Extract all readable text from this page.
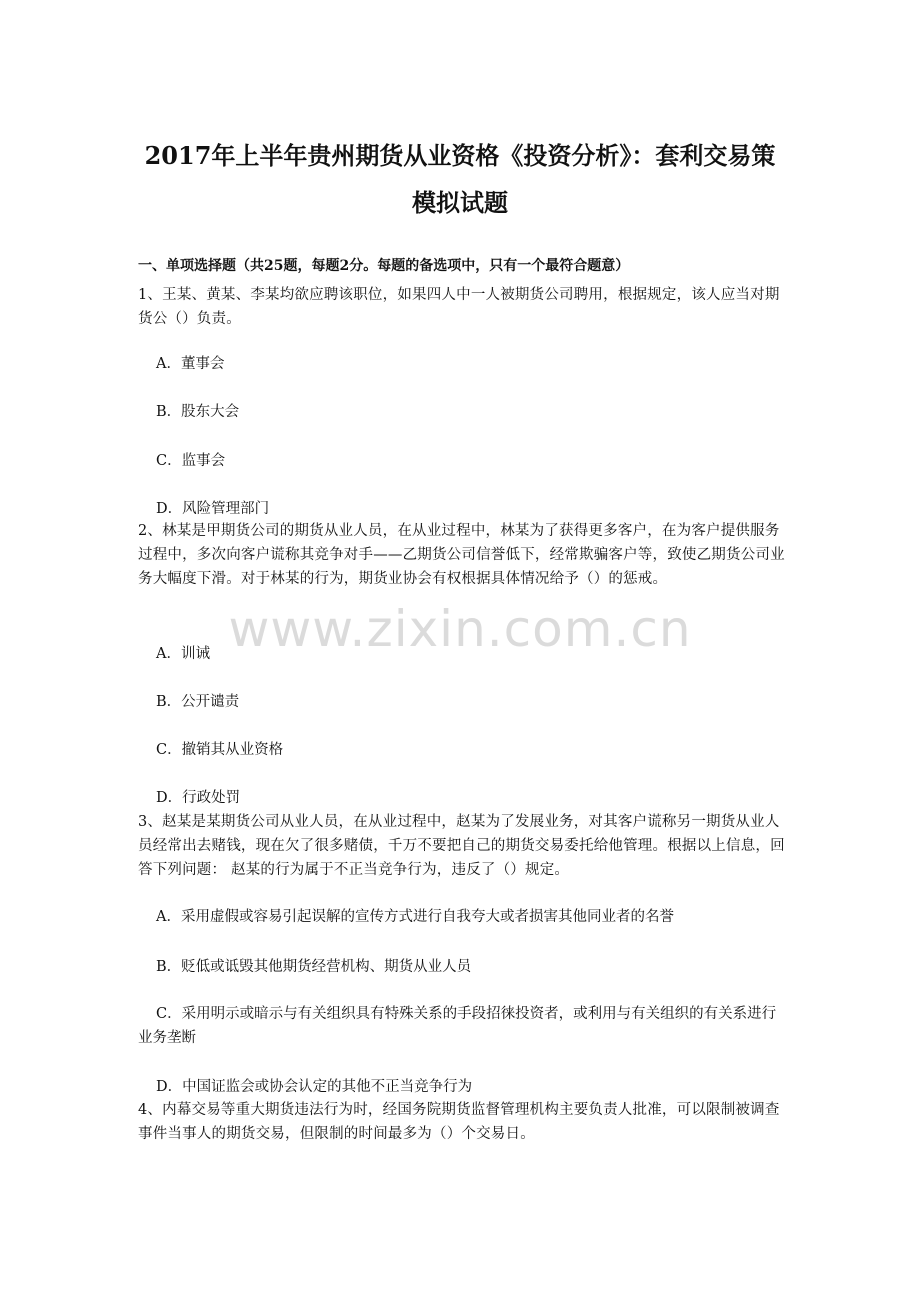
www.zixin.com.cn
2017年上半年贵州期货从业资格《投资分析》：套利交易策
模拟试题

一、单项选择题（共25题，每题2分。每题的备选项中，只有一个最符合题意）

1、王某、黄某、李某均欲应聘该职位，如果四人中一人被期货公司聘用，根据规定，该人应当对期货公（）负责。

A．董事会

B．股东大会

C．监事会

D．风险管理部门

2、林某是甲期货公司的期货从业人员，在从业过程中，林某为了获得更多客户，在为客户提供服务过程中，多次向客户谎称其竞争对手——乙期货公司信誉低下，经常欺骗客户等，致使乙期货公司业务大幅度下滑。对于林某的行为，期货业协会有权根据具体情况给予（）的惩戒。

A．训诫

B．公开谴责

C．撤销其从业资格

D．行政处罚

3、赵某是某期货公司从业人员，在从业过程中，赵某为了发展业务，对其客户谎称另一期货从业人员经常出去赌钱，现在欠了很多赌债，千万不要把自己的期货交易委托给他管理。根据以上信息，回答下列问题： 赵某的行为属于不正当竞争行为，违反了（）规定。

A．采用虚假或容易引起误解的宣传方式进行自我夸大或者损害其他同业者的名誉

B．贬低或诋毁其他期货经营机构、期货从业人员

C．采用明示或暗示与有关组织具有特殊关系的手段招徕投资者，或利用与有关组织的有关系进行业务垄断

D．中国证监会或协会认定的其他不正当竞争行为

4、内幕交易等重大期货违法行为时，经国务院期货监督管理机构主要负责人批准，可以限制被调查事件当事人的期货交易，但限制的时间最多为（）个交易日。
